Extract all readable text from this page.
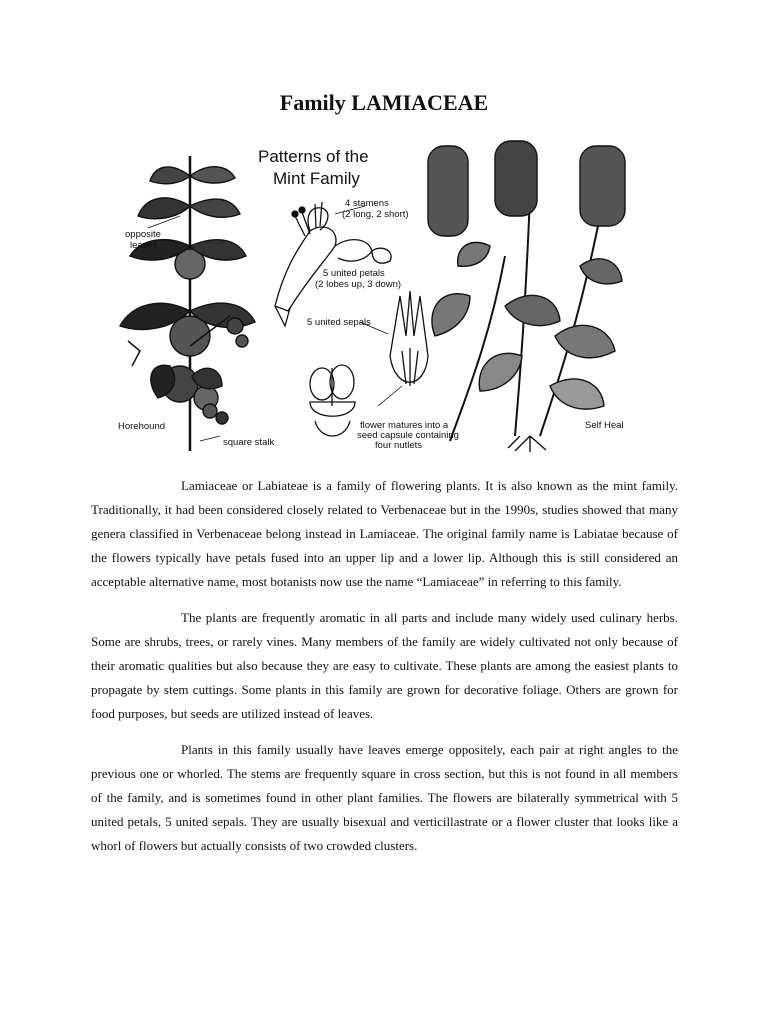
Family LAMIACEAE
opposite
leaves
Horehound
square stalk
Patterns of the
Mint Family
4 stamens
(2 long, 2 short)
5 united petals
(2 lobes up, 3 down)
5 united sepals
flower matures into a
seed capsule containing
four nutlets
Self Heal

Lamiaceae or Labiateae is a family of flowering plants. It is also known as the mint family. Traditionally, it had been considered closely related to Verbenaceae but in the 1990s, studies showed that many genera classified in Verbenaceae belong instead in Lamiaceae. The original family name is Labiatae because of the flowers typically have petals fused into an upper lip and a lower lip. Although this is still considered an acceptable alternative name, most botanists now use the name “Lamiaceae” in referring to this family.

The plants are frequently aromatic in all parts and include many widely used culinary herbs. Some are shrubs, trees, or rarely vines. Many members of the family are widely cultivated not only because of their aromatic qualities but also because they are easy to cultivate. These plants are among the easiest plants to propagate by stem cuttings. Some plants in this family are grown for decorative foliage. Others are grown for food purposes, but seeds are utilized instead of leaves.

Plants in this family usually have leaves emerge oppositely, each pair at right angles to the previous one or whorled. The stems are frequently square in cross section, but this is not found in all members of the family, and is sometimes found in other plant families. The flowers are bilaterally symmetrical with 5 united petals, 5 united sepals. They are usually bisexual and verticillastrate or a flower cluster that looks like a whorl of flowers but actually consists of two crowded clusters.
